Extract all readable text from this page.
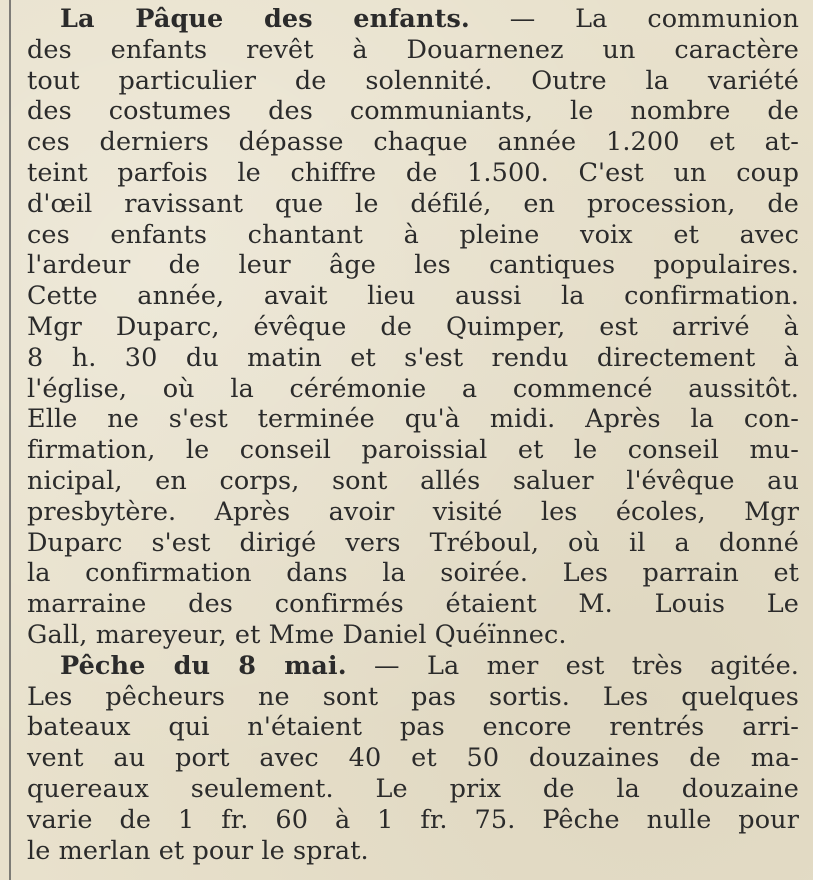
La Pâque des enfants. — La communion
des enfants revêt à Douarnenez un caractère
tout particulier de solennité. Outre la variété
des costumes des communiants, le nombre de
ces derniers dépasse chaque année 1.200 et at-
teint parfois le chiffre de 1.500. C'est un coup
d'œil ravissant que le défilé, en procession, de
ces enfants chantant à pleine voix et avec
l'ardeur de leur âge les cantiques populaires.
Cette année, avait lieu aussi la confirmation.
Mgr Duparc, évêque de Quimper, est arrivé à
8 h. 30 du matin et s'est rendu directement à
l'église, où la cérémonie a commencé aussitôt.
Elle ne s'est terminée qu'à midi. Après la con-
firmation, le conseil paroissial et le conseil mu-
nicipal, en corps, sont allés saluer l'évêque au
presbytère. Après avoir visité les écoles, Mgr
Duparc s'est dirigé vers Tréboul, où il a donné
la confirmation dans la soirée. Les parrain et
marraine des confirmés étaient M. Louis Le
Gall, mareyeur, et Mme Daniel Quéïnnec.
Pêche du 8 mai. — La mer est très agitée.
Les pêcheurs ne sont pas sortis. Les quelques
bateaux qui n'étaient pas encore rentrés arri-
vent au port avec 40 et 50 douzaines de ma-
quereaux seulement. Le prix de la douzaine
varie de 1 fr. 60 à 1 fr. 75. Pêche nulle pour
le merlan et pour le sprat.
